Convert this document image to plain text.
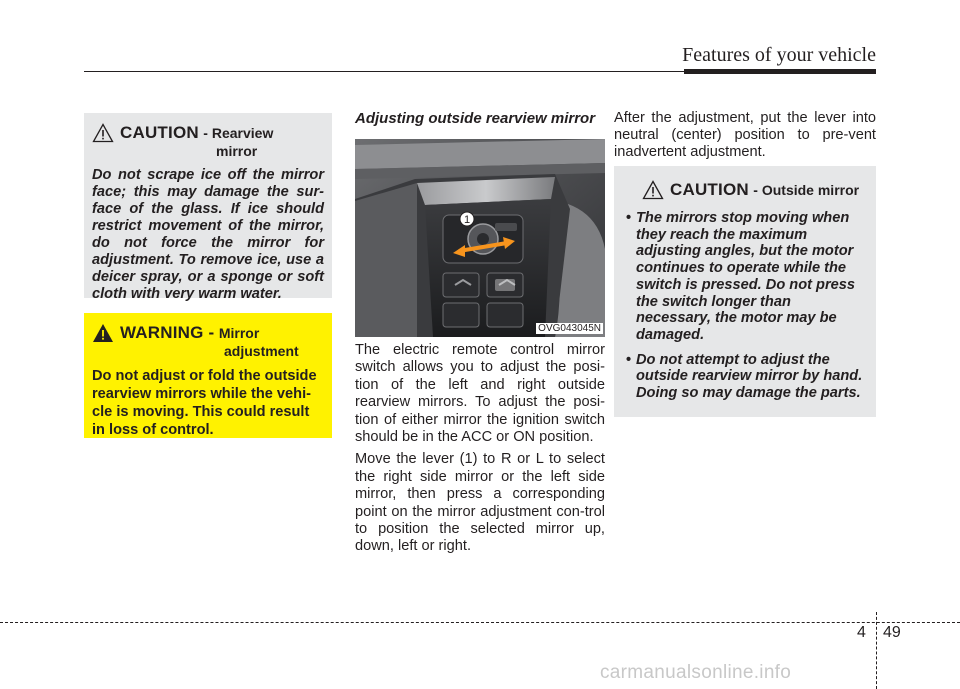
Features of your vehicle
CAUTION - Rearview
mirror

Do not scrape ice off the mirror face; this may damage the sur-face of the glass. If ice should restrict movement of the mirror, do not force the mirror for adjustment. To remove ice, use a deicer spray, or a sponge or soft cloth with very warm water.

WARNING - Mirror
adjustment

Do not adjust or fold the outside rearview mirrors while the vehi-cle is moving. This could result in loss of control.

Adjusting outside rearview mirror
1
OVG043045N

The electric remote control mirror switch allows you to adjust the posi-tion of the left and right outside rearview mirrors. To adjust the posi-tion of either mirror the ignition switch should be in the ACC or ON position.

Move the lever (1) to R or L to select the right side mirror or the left side mirror, then press a corresponding point on the mirror adjustment con-trol to position the selected mirror up, down, left or right.

After the adjustment, put the lever into neutral (center) position to pre-vent inadvertent adjustment.

CAUTION - Outside mirror
• The mirrors stop moving when they reach the maximum adjusting angles, but the motor continues to operate while the switch is pressed. Do not press the switch longer than necessary, the motor may be damaged.
• Do not attempt to adjust the outside rearview mirror by hand. Doing so may damage the parts.
4 49
carmanualsonline.info
